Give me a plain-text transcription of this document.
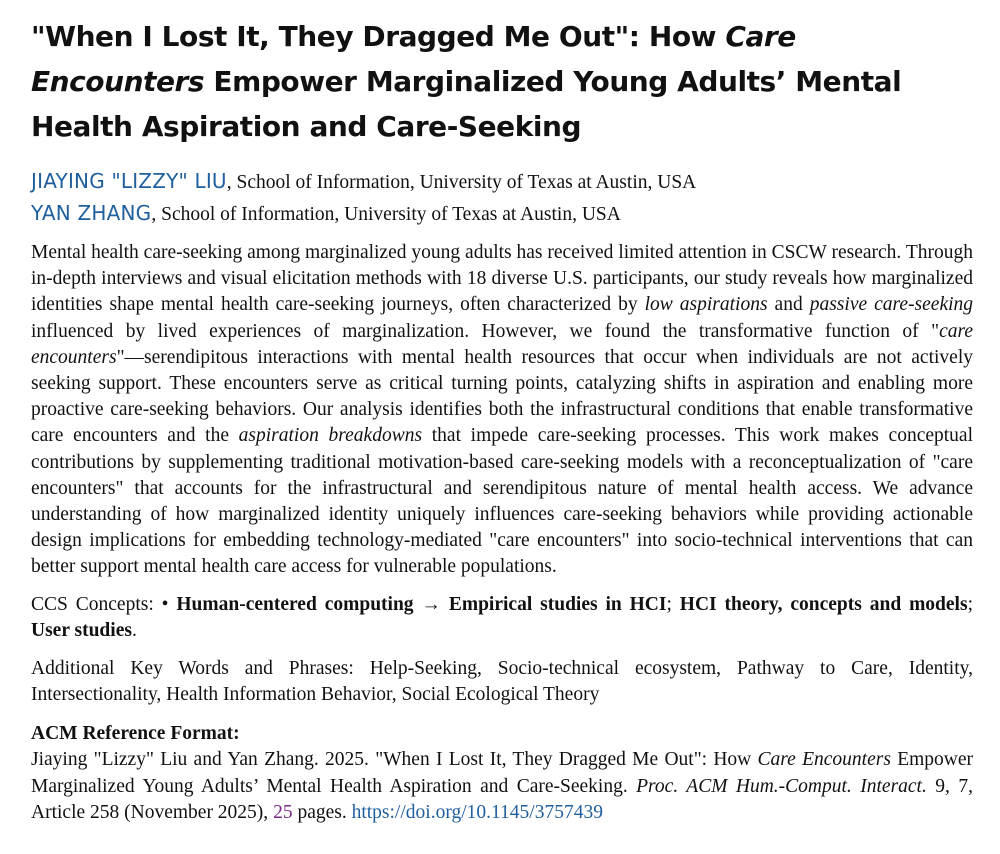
"When I Lost It, They Dragged Me Out": How Care Encounters Empower Marginalized Young Adults’ Mental Health Aspiration and Care-Seeking
JIAYING "LIZZY" LIU, School of Information, University of Texas at Austin, USA
YAN ZHANG, School of Information, University of Texas at Austin, USA

Mental health care-seeking among marginalized young adults has received limited attention in CSCW research. Through in-depth interviews and visual elicitation methods with 18 diverse U.S. participants, our study reveals how marginalized identities shape mental health care-seeking journeys, often characterized by low aspirations and passive care-seeking influenced by lived experiences of marginalization. However, we found the transformative function of "care encounters"—serendipitous interactions with mental health resources that occur when individuals are not actively seeking support. These encounters serve as critical turning points, catalyzing shifts in aspiration and enabling more proactive care-seeking behaviors. Our analysis identifies both the infrastructural conditions that enable transformative care encounters and the aspiration breakdowns that impede care-seeking processes. This work makes conceptual contributions by supplementing traditional motivation-based care-seeking models with a reconceptualization of "care encounters" that accounts for the infrastructural and serendipitous nature of mental health access. We advance understanding of how marginalized identity uniquely influences care-seeking behaviors while providing actionable design implications for embedding technology-mediated "care encounters" into socio-technical interventions that can better support mental health care access for vulnerable populations.

CCS Concepts: • Human-centered computing → Empirical studies in HCI; HCI theory, concepts and models; User studies.

Additional Key Words and Phrases: Help-Seeking, Socio-technical ecosystem, Pathway to Care, Identity, Intersectionality, Health Information Behavior, Social Ecological Theory

ACM Reference Format:

Jiaying "Lizzy" Liu and Yan Zhang. 2025. "When I Lost It, They Dragged Me Out": How Care Encounters Empower Marginalized Young Adults’ Mental Health Aspiration and Care-Seeking. Proc. ACM Hum.-Comput. Interact. 9, 7, Article 258 (November 2025), 25 pages. https://doi.org/10.1145/3757439
